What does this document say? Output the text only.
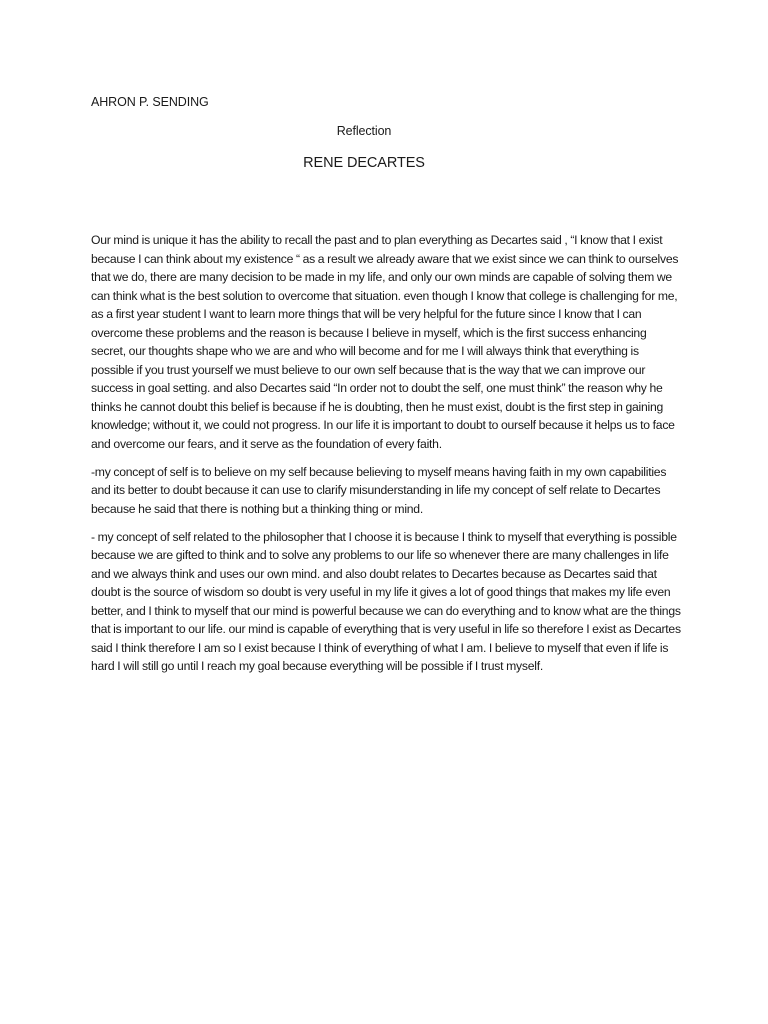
AHRON P. SENDING

Reflection

RENE DECARTES

Our mind is unique it has the ability to recall the past and to plan everything as Decartes said , “I know that I exist because I can think about my existence “ as a result we already aware that we exist since we can think to ourselves that we do, there are many decision to be made in my life, and only our own minds are capable of solving them we can think what is the best solution to overcome that situation. even though I know that college is challenging for me, as a first year student I want to learn more things that will be very helpful for the future since I know that I can overcome these problems and the reason is because I believe in myself, which is the first success enhancing secret, our thoughts shape who we are and who will become and for me I will always think that everything is possible if you trust yourself we must believe to our own self because that is the way that we can improve our success in goal setting. and also Decartes said “In order not to doubt the self, one must think” the reason why he thinks he cannot doubt this belief is because if he is doubting, then he must exist, doubt is the first step in gaining knowledge; without it, we could not progress. In our life it is important to doubt to ourself because it helps us to face and overcome our fears, and it serve as the foundation of every faith.

-my concept of self is to believe on my self because believing to myself means having faith in my own capabilities and its better to doubt because it can use to clarify misunderstanding in life my concept of self relate to Decartes because he said that there is nothing but a thinking thing or mind.

- my concept of self related to the philosopher that I choose it is because I think to myself that everything is possible because we are gifted to think and to solve any problems to our life so whenever there are many challenges in life and we always think and uses our own mind. and also doubt relates to Decartes because as Decartes said that doubt is the source of wisdom so doubt is very useful in my life it gives a lot of good things that makes my life even better, and I think to myself that our mind is powerful because we can do everything and to know what are the things that is important to our life. our mind is capable of everything that is very useful in life so therefore I exist as Decartes said I think therefore I am so I exist because I think of everything of what I am. I believe to myself that even if life is hard I will still go until I reach my goal because everything will be possible if I trust myself.
